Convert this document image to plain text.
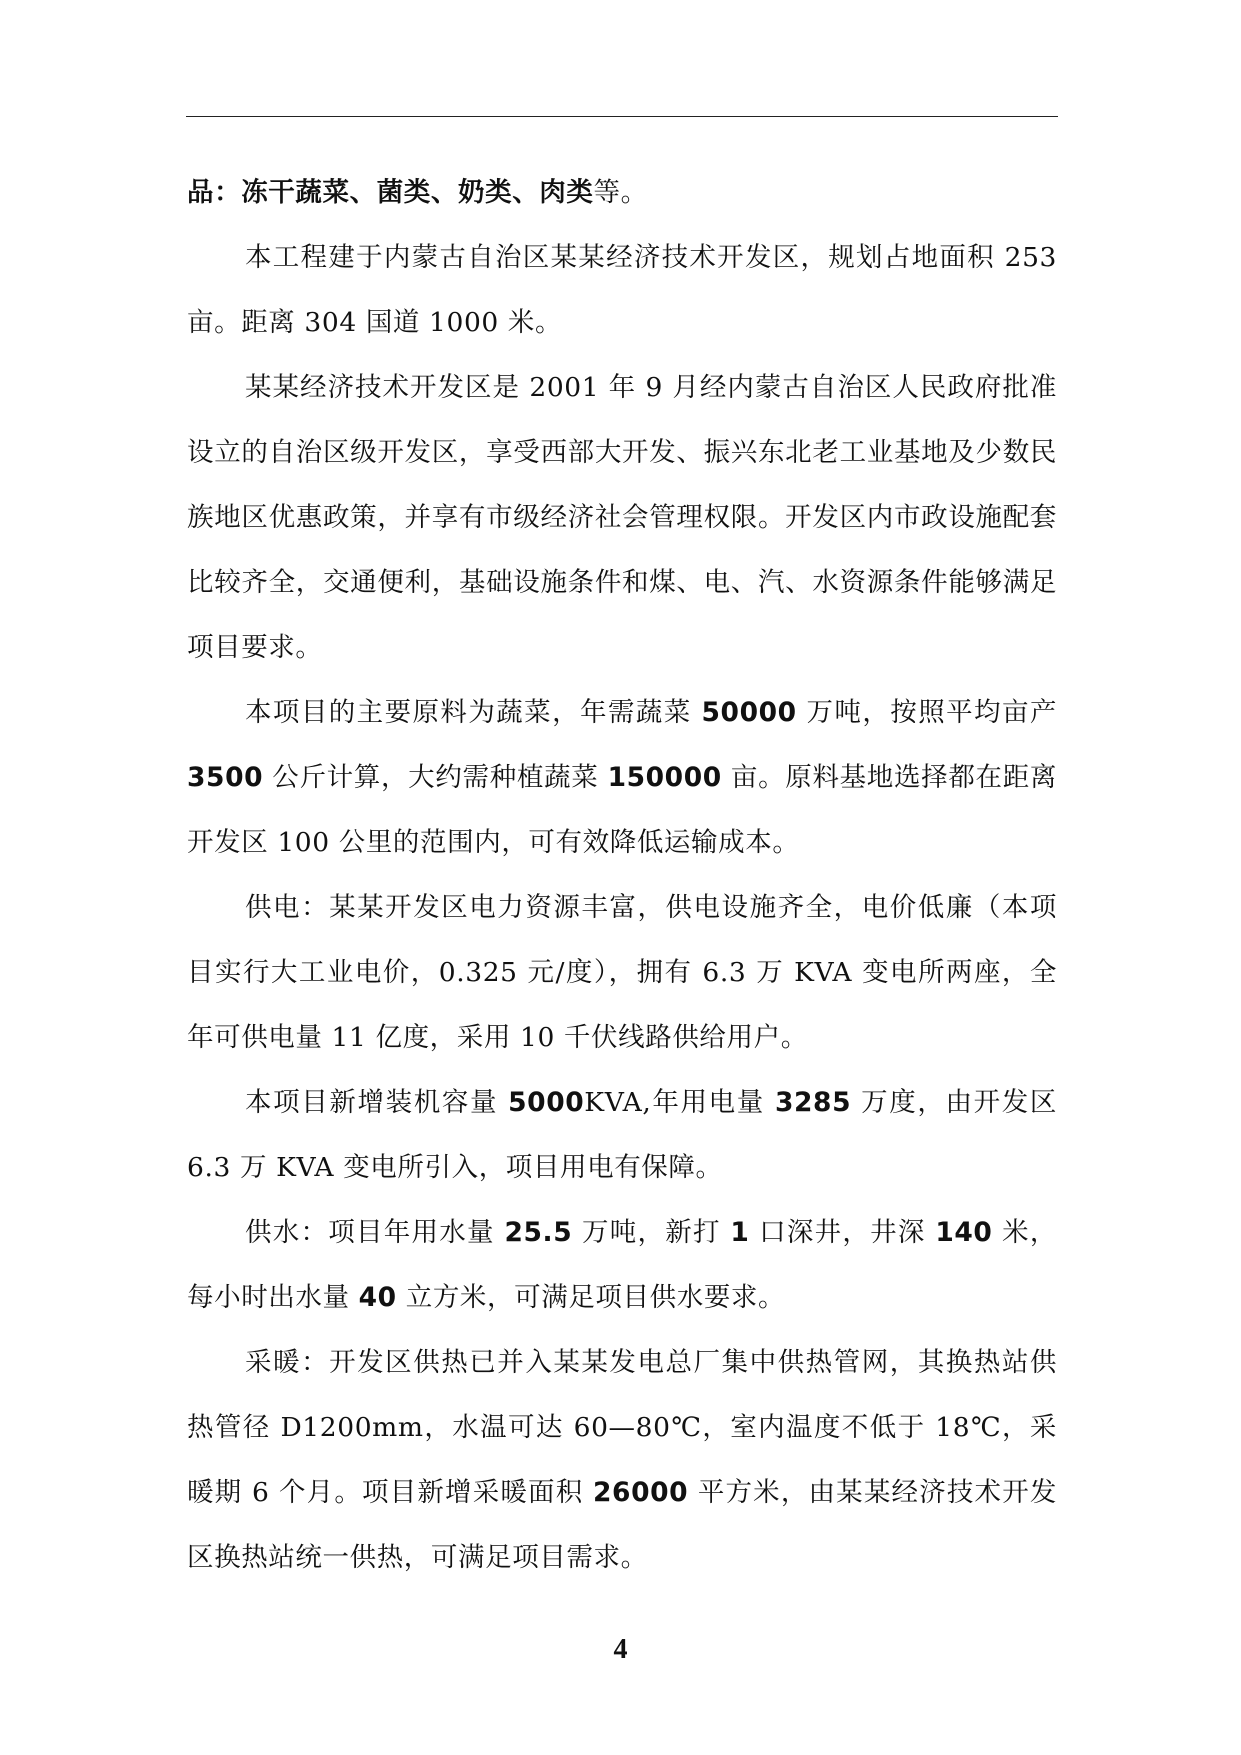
品：冻干蔬菜、菌类、奶类、肉类等。

本工程建于内蒙古自治区某某经济技术开发区，规划占地面积 253 亩。距离 304 国道 1000 米。

某某经济技术开发区是 2001 年 9 月经内蒙古自治区人民政府批准设立的自治区级开发区，享受西部大开发、振兴东北老工业基地及少数民族地区优惠政策，并享有市级经济社会管理权限。开发区内市政设施配套比较齐全，交通便利，基础设施条件和煤、电、汽、水资源条件能够满足项目要求。

本项目的主要原料为蔬菜，年需蔬菜 50000 万吨，按照平均亩产 3500 公斤计算，大约需种植蔬菜 150000 亩。原料基地选择都在距离开发区 100 公里的范围内，可有效降低运输成本。

供电：某某开发区电力资源丰富，供电设施齐全，电价低廉（本项目实行大工业电价，0.325 元/度），拥有 6.3 万 KVA 变电所两座，全年可供电量 11 亿度，采用 10 千伏线路供给用户。

本项目新增装机容量 5000KVA,年用电量 3285 万度，由开发区 6.3 万 KVA 变电所引入，项目用电有保障。

供水：项目年用水量 25.5 万吨，新打 1 口深井，井深 140 米，每小时出水量 40 立方米，可满足项目供水要求。

采暖：开发区供热已并入某某发电总厂集中供热管网，其换热站供热管径 D1200mm，水温可达 60—80℃，室内温度不低于 18℃，采暖期 6 个月。项目新增采暖面积 26000 平方米，由某某经济技术开发区换热站统一供热，可满足项目需求。

4
